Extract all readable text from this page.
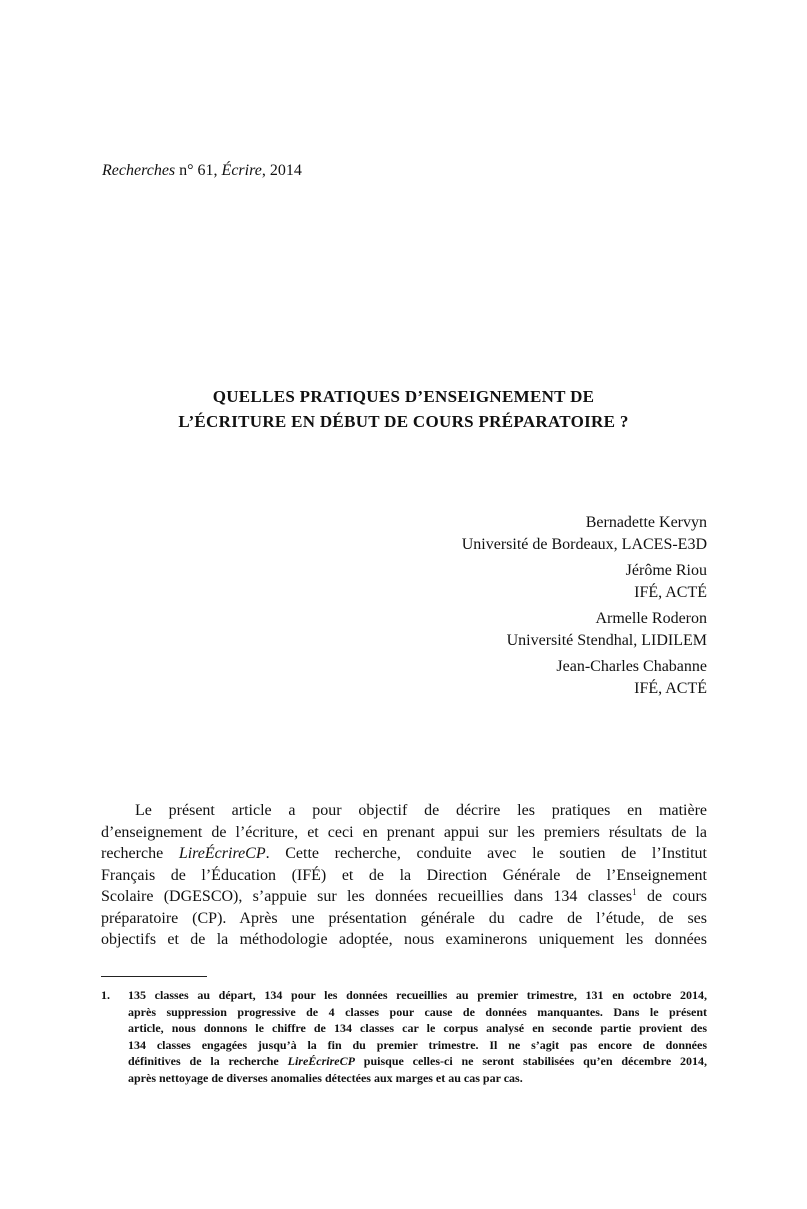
Recherches n° 61, Écrire, 2014
QUELLES PRATIQUES D’ENSEIGNEMENT DE
L’ÉCRITURE EN DÉBUT DE COURS PRÉPARATOIRE ?
Bernadette Kervyn
Université de Bordeaux, LACES-E3D
Jérôme Riou
IFÉ, ACTÉ
Armelle Roderon
Université Stendhal, LIDILEM
Jean-Charles Chabanne
IFÉ, ACTÉ
Le présent article a pour objectif de décrire les pratiques en matière
d’enseignement de l’écriture, et ceci en prenant appui sur les premiers résultats de la
recherche LireÉcrireCP. Cette recherche, conduite avec le soutien de l’Institut
Français de l’Éducation (IFÉ) et de la Direction Générale de l’Enseignement
Scolaire (DGESCO), s’appuie sur les données recueillies dans 134 classes$^1$ de cours
préparatoire (CP). Après une présentation générale du cadre de l’étude, de ses
objectifs et de la méthodologie adoptée, nous examinerons uniquement les données
1. 135 classes au départ, 134 pour les données recueillies au premier trimestre, 131 en octobre 2014,
après suppression progressive de 4 classes pour cause de données manquantes. Dans le présent
article, nous donnons le chiffre de 134 classes car le corpus analysé en seconde partie provient des
134 classes engagées jusqu’à la fin du premier trimestre. Il ne s’agit pas encore de données
définitives de la recherche LireÉcrireCP puisque celles-ci ne seront stabilisées qu’en décembre 2014,
après nettoyage de diverses anomalies détectées aux marges et au cas par cas.
